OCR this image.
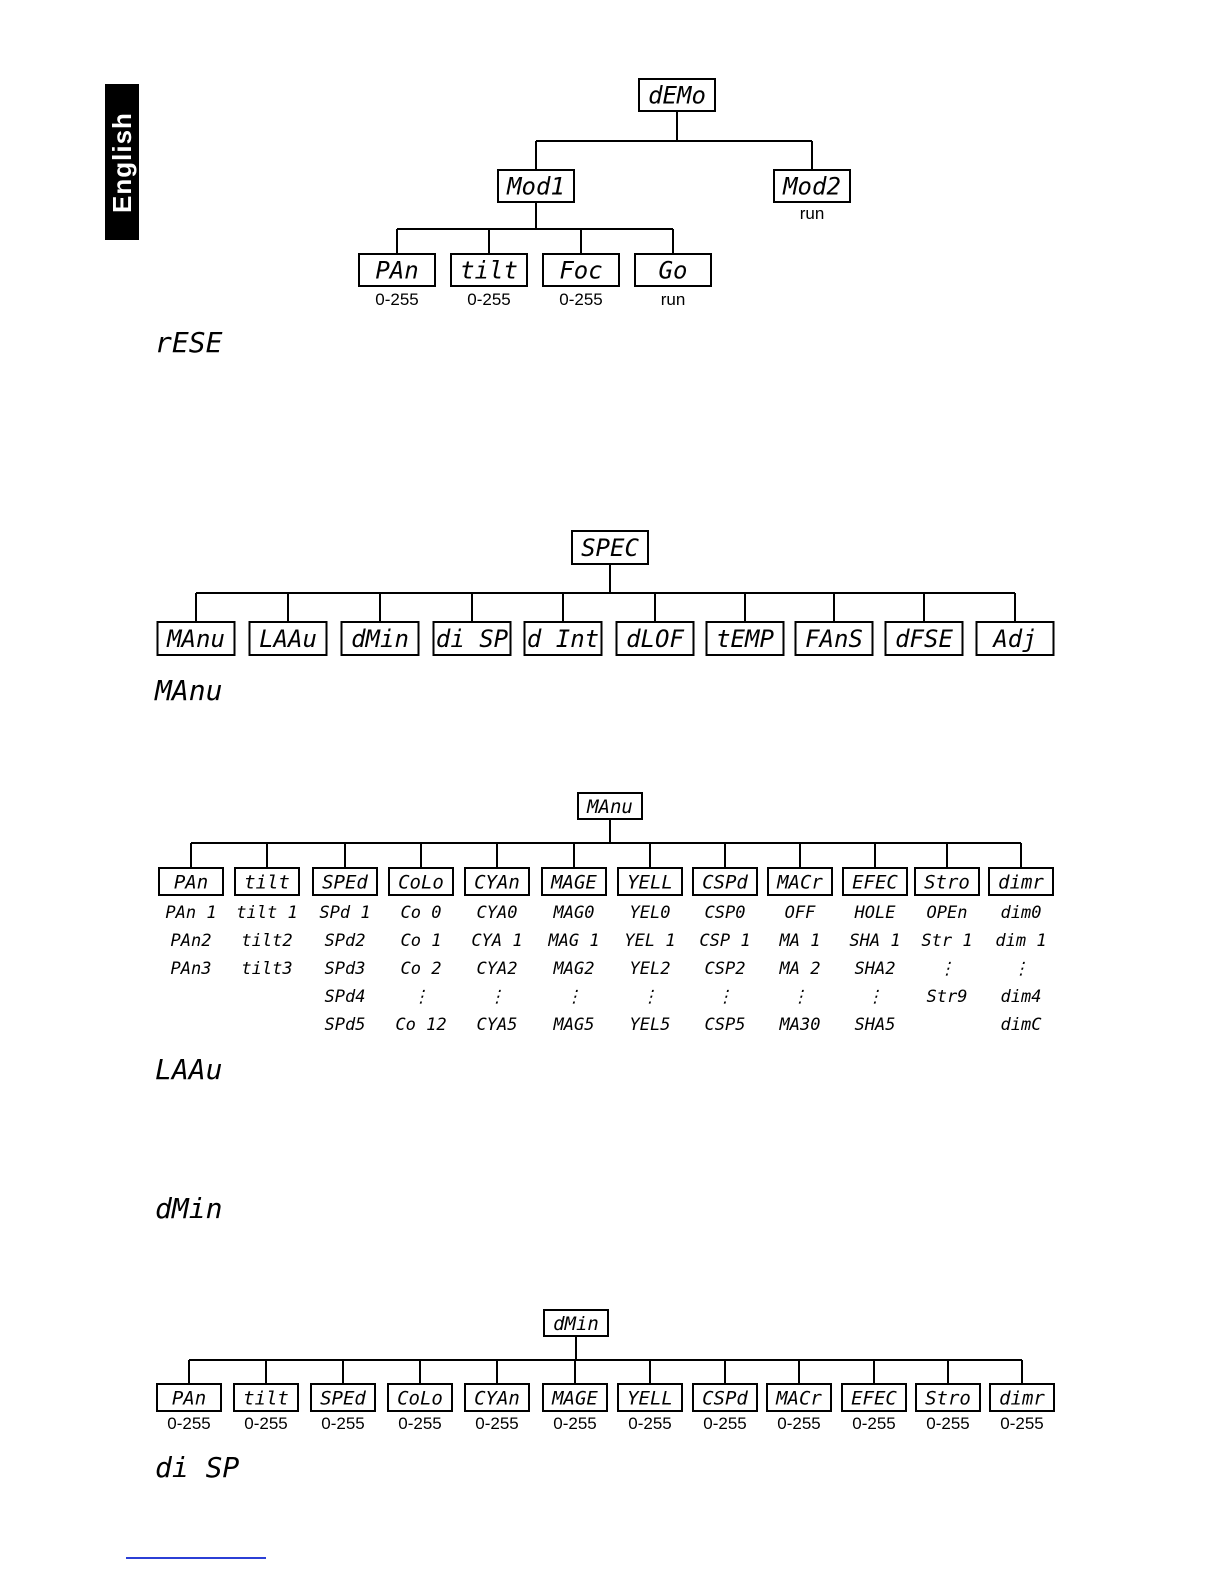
English
dEMo
Mod1	Mod2
run
PAn
0-255
tilt
0-255
Foc
0-255
Go
run
rESE
MAnu
LAAu
dMin
di SP
SPEC
MAnu LAAu dMin di SP d Int dLOF tEMP FAnS dFSE Adj
MAnu
PAn
PAn 1
PAn2
PAn3
tilt
tilt 1
tilt2
tilt3
SPEd
SPd 1
SPd2
SPd3
SPd4
SPd5
CoLo
Co 0
Co 1
Co 2
⋮
Co 12
CYAn
CYA0
CYA 1
CYA2
⋮
CYA5
MAGE
MAG0
MAG 1
MAG2
⋮
MAG5
YELL
YEL0
YEL 1
YEL2
⋮
YEL5
CSPd
CSP0
CSP 1
CSP2
⋮
CSP5
MACr
OFF
MA 1
MA 2
⋮
MA30
EFEC
HOLE
SHA 1
SHA2
⋮
SHA5
Stro
OPEn
Str 1
⋮
Str9
dimr
dim0
dim 1
⋮
dim4
dimC
dMin
PAn
0-255
tilt
0-255
SPEd
0-255
CoLo
0-255
CYAn
0-255
MAGE
0-255
YELL
0-255
CSPd
0-255
MACr
0-255
EFEC
0-255
Stro
0-255
dimr
0-255
